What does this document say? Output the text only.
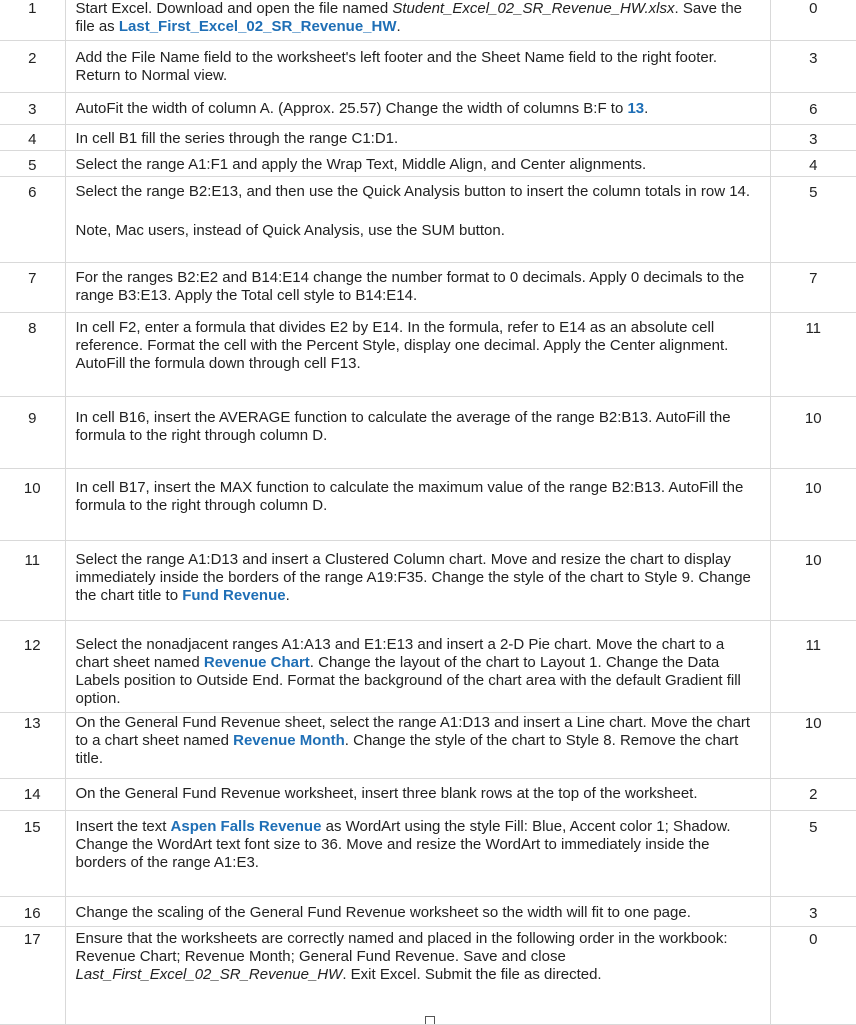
1	Start Excel. Download and open the file named Student_Excel_02_SR_Revenue_HW.xlsx. Save the file as Last_First_Excel_02_SR_Revenue_HW.	0

2	Add the File Name field to the worksheet's left footer and the Sheet Name field to the right footer. Return to Normal view.	3

3	AutoFit the width of column A. (Approx. 25.57) Change the width of columns B:F to 13.	6

4	In cell B1 fill the series through the range C1:D1.	3

5	Select the range A1:F1 and apply the Wrap Text, Middle Align, and Center alignments.	4

6	Select the range B2:E13, and then use the Quick Analysis button to insert the column totals in row 14.
Note, Mac users, instead of Quick Analysis, use the SUM button.	5

7	For the ranges B2:E2 and B14:E14 change the number format to 0 decimals. Apply 0 decimals to the range B3:E13. Apply the Total cell style to B14:E14.	7

8	In cell F2, enter a formula that divides E2 by E14. In the formula, refer to E14 as an absolute cell reference. Format the cell with the Percent Style, display one decimal. Apply the Center alignment. AutoFill the formula down through cell F13.	11

9	In cell B16, insert the AVERAGE function to calculate the average of the range B2:B13. AutoFill the formula to the right through column D.	10

10	In cell B17, insert the MAX function to calculate the maximum value of the range B2:B13. AutoFill the formula to the right through column D.	10

11	Select the range A1:D13 and insert a Clustered Column chart. Move and resize the chart to display immediately inside the borders of the range A19:F35. Change the style of the chart to Style 9. Change the chart title to Fund Revenue.	10

12	Select the nonadjacent ranges A1:A13 and E1:E13 and insert a 2-D Pie chart. Move the chart to a chart sheet named Revenue Chart. Change the layout of the chart to Layout 1. Change the Data Labels position to Outside End. Format the background of the chart area with the default Gradient fill option.	11

13	On the General Fund Revenue sheet, select the range A1:D13 and insert a Line chart. Move the chart to a chart sheet named Revenue Month. Change the style of the chart to Style 8. Remove the chart title.	10

14	On the General Fund Revenue worksheet, insert three blank rows at the top of the worksheet.	2

15	Insert the text Aspen Falls Revenue as WordArt using the style Fill: Blue, Accent color 1; Shadow. Change the WordArt text font size to 36. Move and resize the WordArt to immediately inside the borders of the range A1:E3.	5

16	Change the scaling of the General Fund Revenue worksheet so the width will fit to one page.	3

17	Ensure that the worksheets are correctly named and placed in the following order in the workbook: Revenue Chart; Revenue Month; General Fund Revenue. Save and close Last_First_Excel_02_SR_Revenue_HW. Exit Excel. Submit the file as directed.	0
